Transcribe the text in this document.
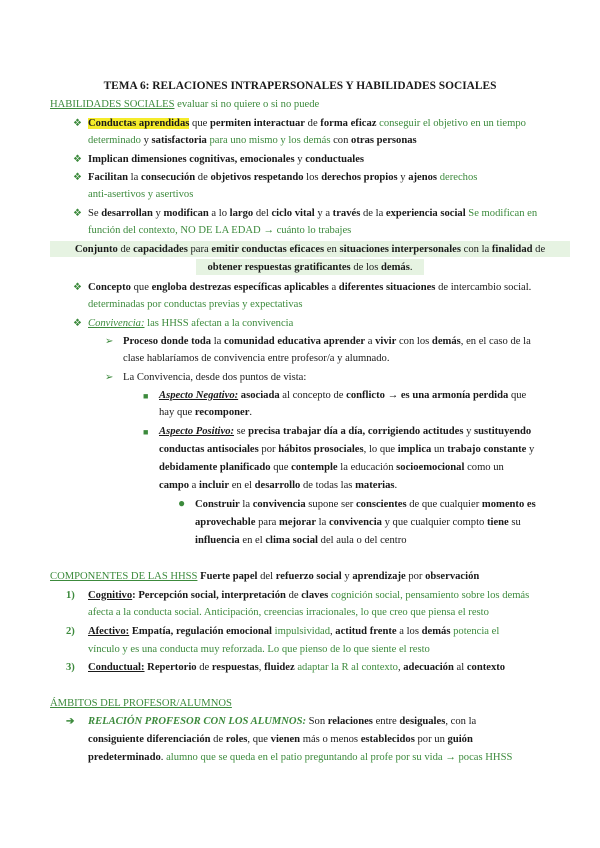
TEMA 6: RELACIONES INTRAPERSONALES Y HABILIDADES SOCIALES
HABILIDADES SOCIALES evaluar si no quiere o si no puede
❖ Conductas aprendidas que permiten interactuar de forma eficaz conseguir el objetivo en un tiempo
determinado y satisfactoria para uno mismo y los demás con otras personas
❖ Implican dimensiones cognitivas, emocionales y conductuales
❖ Facilitan la consecución de objetivos respetando los derechos propios y ajenos derechos
anti-asertivos y asertivos
❖ Se desarrollan y modifican a lo largo del ciclo vital y a través de la experiencia social Se modifican en
función del contexto, NO DE LA EDAD → cuánto lo trabajes
Conjunto de capacidades para emitir conductas eficaces en situaciones interpersonales con la finalidad de
obtener respuestas gratificantes de los demás.
❖ Concepto que engloba destrezas específicas aplicables a diferentes situaciones de intercambio social.
determinadas por conductas previas y expectativas
❖ Convivencia: las HHSS afectan a la convivencia
➢ Proceso donde toda la comunidad educativa aprender a vivir con los demás, en el caso de la
clase hablaríamos de convivencia entre profesor/a y alumnado.
➢ La Convivencia, desde dos puntos de vista:
■ Aspecto Negativo: asociada al concepto de conflicto → es una armonía perdida que
hay que recomponer.
■ Aspecto Positivo: se precisa trabajar día a día, corrigiendo actitudes y sustituyendo
conductas antisociales por hábitos prosociales, lo que implica un trabajo constante y
debidamente planificado que contemple la educación socioemocional como un
campo a incluir en el desarrollo de todas las materias.
● Construir la convivencia supone ser conscientes de que cualquier momento es
aprovechable para mejorar la convivencia y que cualquier compto tiene su
influencia en el clima social del aula o del centro
COMPONENTES DE LAS HHSS Fuerte papel del refuerzo social y aprendizaje por observación
1) Cognitivo: Percepción social, interpretación de claves cognición social, pensamiento sobre los demás
afecta a la conducta social. Anticipación, creencias irracionales, lo que creo que piensa el resto
2) Afectivo: Empatía, regulación emocional impulsividad, actitud frente a los demás potencia el
vínculo y es una conducta muy reforzada. Lo que pienso de lo que siente el resto
3) Conductual: Repertorio de respuestas, fluidez adaptar la R al contexto, adecuación al contexto
ÁMBITOS DEL PROFESOR/ALUMNOS
➔ RELACIÓN PROFESOR CON LOS ALUMNOS: Son relaciones entre desiguales, con la
consiguiente diferenciación de roles, que vienen más o menos establecidos por un guión
predeterminado. alumno que se queda en el patio preguntando al profe por su vida → pocas HHSS
